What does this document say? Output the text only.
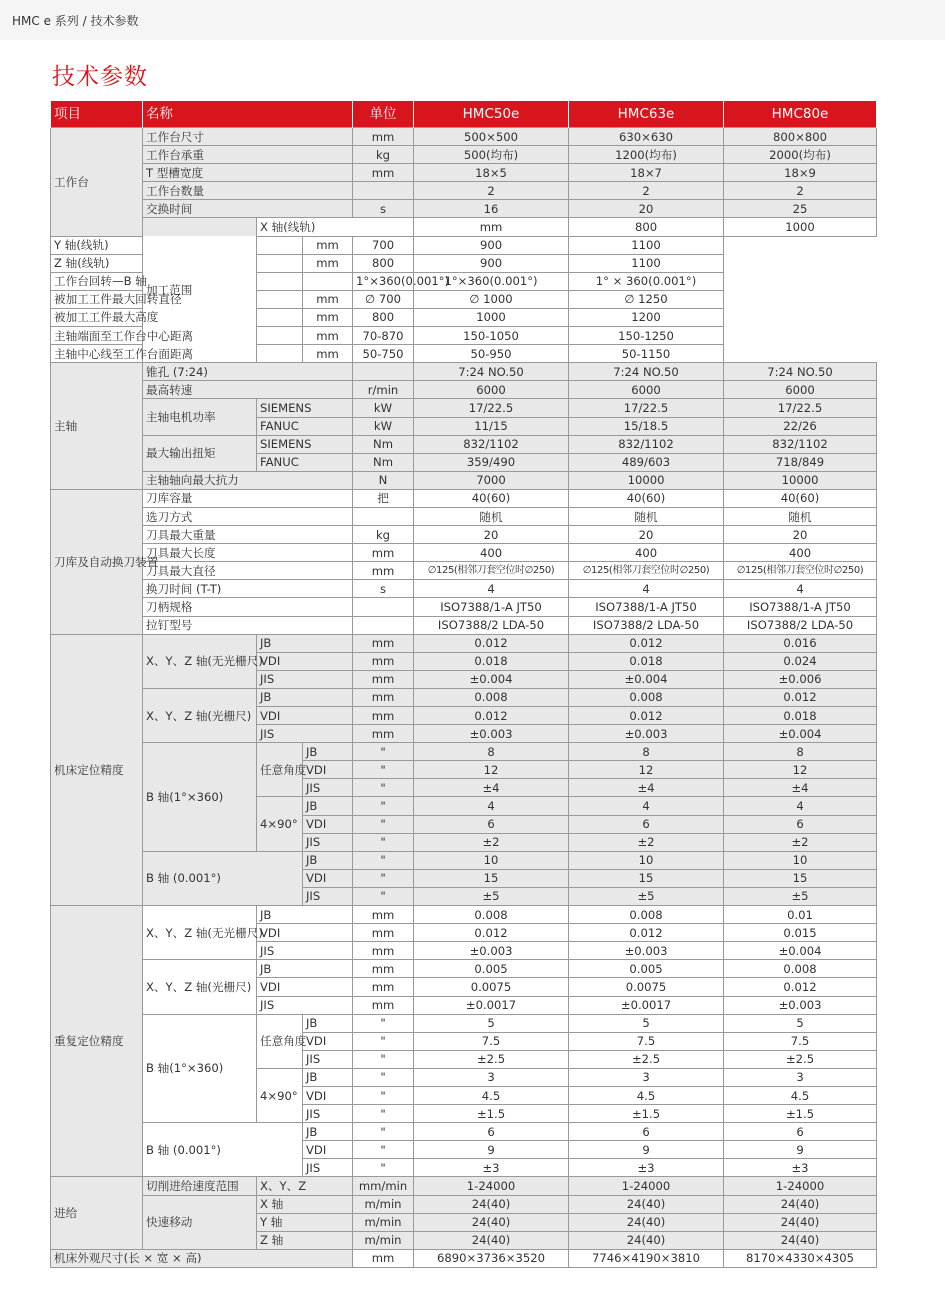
HMC e 系列 / 技术参数
技术参数
项目	名称			单位	HMC50e	HMC63e	HMC80e	
工作台	工作台尺寸			mm	500×500	630×630	800×800	
	工作台承重			kg	500(均布)	1200(均布)	2000(均布)	
	T 型槽宽度			mm	18×5	18×7	18×9	
	工作台数量				2	2	2	
	交换时间			s	16	20	25	
	加工范围	X 轴(线轨)			mm	800	1000	
Y 轴(线轨)			mm	700	900	1100		
Z 轴(线轨)			mm	800	900	1100		
工作台回转—B 轴				1°×360(0.001°)	1°×360(0.001°)	1° × 360(0.001°)		
被加工工件最大回转直径			mm	∅ 700	∅ 1000	∅ 1250		
被加工工件最大高度			mm	800	1000	1200		
主轴端面至工作台中心距离			mm	70-870	150-1050	150-1250		
主轴中心线至工作台面距离			mm	50-750	50-950	50-1150		
主轴	锥孔 (7:24)				7:24 NO.50	7:24 NO.50	7:24 NO.50	
	最高转速			r/min	6000	6000	6000	
	主轴电机功率	SIEMENS		kW	17/22.5	17/22.5	17/22.5	
		FANUC		kW	11/15	15/18.5	22/26	
	最大输出扭矩	SIEMENS		Nm	832/1102	832/1102	832/1102	
		FANUC		Nm	359/490	489/603	718/849	
	主轴轴向最大抗力			N	7000	10000	10000	
刀库及自动换刀装置	刀库容量			把	40(60)	40(60)	40(60)	
	选刀方式				随机	随机	随机	
	刀具最大重量			kg	20	20	20	
	刀具最大长度			mm	400	400	400	
	刀具最大直径			mm	∅125(相邻刀套空位时∅250)	∅125(相邻刀套空位时∅250)	∅125(相邻刀套空位时∅250)	
	换刀时间 (T-T)			s	4	4	4	
	刀柄规格				ISO7388/1-A JT50	ISO7388/1-A JT50	ISO7388/1-A JT50	
	拉钉型号				ISO7388/2 LDA-50	ISO7388/2 LDA-50	ISO7388/2 LDA-50	
机床定位精度	X、Y、Z 轴(无光栅尺)	JB		mm	0.012	0.012	0.016	
		VDI		mm	0.018	0.018	0.024	
		JIS		mm	±0.004	±0.004	±0.006	
	X、Y、Z 轴(光栅尺)	JB		mm	0.008	0.008	0.012	
		VDI		mm	0.012	0.012	0.018	
		JIS		mm	±0.003	±0.003	±0.004	
	B 轴(1°×360)	任意角度	JB	"	8	8	8	
			VDI	"	12	12	12	
			JIS	"	±4	±4	±4	
		4×90°	JB	"	4	4	4	
			VDI	"	6	6	6	
			JIS	"	±2	±2	±2	
	B 轴 (0.001°)		JB	"	10	10	10	
			VDI	"	15	15	15	
			JIS	"	±5	±5	±5	
重复定位精度	X、Y、Z 轴(无光栅尺)	JB		mm	0.008	0.008	0.01	
		VDI		mm	0.012	0.012	0.015	
		JIS		mm	±0.003	±0.003	±0.004	
	X、Y、Z 轴(光栅尺)	JB		mm	0.005	0.005	0.008	
		VDI		mm	0.0075	0.0075	0.012	
		JIS		mm	±0.0017	±0.0017	±0.003	
	B 轴(1°×360)	任意角度	JB	"	5	5	5	
			VDI	"	7.5	7.5	7.5	
			JIS	"	±2.5	±2.5	±2.5	
		4×90°	JB	"	3	3	3	
			VDI	"	4.5	4.5	4.5	
			JIS	"	±1.5	±1.5	±1.5	
	B 轴 (0.001°)		JB	"	6	6	6	
			VDI	"	9	9	9	
			JIS	"	±3	±3	±3	
进给	切削进给速度范围	X、Y、Z		mm/min	1-24000	1-24000	1-24000	
	快速移动	X 轴		m/min	24(40)	24(40)	24(40)	
		Y 轴		m/min	24(40)	24(40)	24(40)	
		Z 轴		m/min	24(40)	24(40)	24(40)	
机床外观尺寸(长 × 宽 × 高)				mm	6890×3736×3520	7746×4190×3810	8170×4330×4305	
